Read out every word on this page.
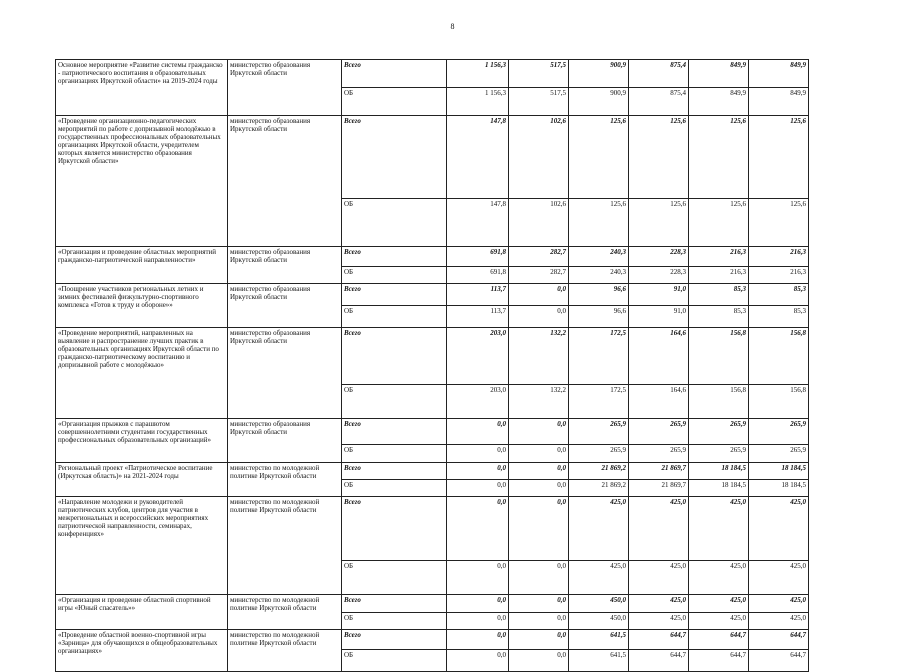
8
Основное мероприятие «Развитие системы гражданско - патриотического воспитания в образовательных организациях Иркутской области» на 2019-2024 годы	министерство образования Иркутской области	Всего	1 156,3	517,5	900,9	875,4	849,9	849,9
		ОБ	1 156,3	517,5	900,9	875,4	849,9	849,9
«Проведение организационно-педагогических мероприятий по работе с допризывной молодёжью в государственных профессиональных образовательных организациях Иркутской области, учредителем которых является министерство образования Иркутской области»	министерство образования Иркутской области	Всего	147,8	102,6	125,6	125,6	125,6	125,6
		ОБ	147,8	102,6	125,6	125,6	125,6	125,6
«Организация и проведение областных мероприятий гражданско-патриотической направленности»	министерство образования Иркутской области	Всего	691,8	282,7	240,3	228,3	216,3	216,3
		ОБ	691,8	282,7	240,3	228,3	216,3	216,3
«Поощрение участников региональных летних и зимних фестивалей физкультурно-спортивного комплекса «Готов к труду и обороне»»	министерство образования Иркутской области	Всего	113,7	0,0	96,6	91,0	85,3	85,3
		ОБ	113,7	0,0	96,6	91,0	85,3	85,3
«Проведение мероприятий, направленных на выявление и распространение лучших практик в образовательных организациях Иркутской области по гражданско-патриотическому воспитанию и допризывной работе с молодёжью»	министерство образования Иркутской области	Всего	203,0	132,2	172,5	164,6	156,8	156,8
		ОБ	203,0	132,2	172,5	164,6	156,8	156,8
«Организация прыжков с парашютом совершеннолетними студентами государственных профессиональных образовательных организаций»	министерство образования Иркутской области	Всего	0,0	0,0	265,9	265,9	265,9	265,9
		ОБ	0,0	0,0	265,9	265,9	265,9	265,9
Региональный проект «Патриотическое воспитание (Иркутская область)» на 2021-2024 годы	министерство по молодежной политике Иркутской области	Всего	0,0	0,0	21 869,2	21 869,7	18 184,5	18 184,5
		ОБ	0,0	0,0	21 869,2	21 869,7	18 184,5	18 184,5
«Направление молодежи и руководителей патриотических клубов, центров для участия в межрегиональных и всероссийских мероприятиях патриотической направленности, семинарах, конференциях»	министерство по молодежной политике Иркутской области	Всего	0,0	0,0	425,0	425,0	425,0	425,0
		ОБ	0,0	0,0	425,0	425,0	425,0	425,0
«Организация и проведение областной спортивной игры «Юный спасатель»»	министерство по молодежной политике Иркутской области	Всего	0,0	0,0	450,0	425,0	425,0	425,0
		ОБ	0,0	0,0	450,0	425,0	425,0	425,0
«Проведение областной военно-спортивной игры «Зарница» для обучающихся в общеобразовательных организациях»	министерство по молодежной политике Иркутской области	Всего	0,0	0,0	641,5	644,7	644,7	644,7
		ОБ	0,0	0,0	641,5	644,7	644,7	644,7
